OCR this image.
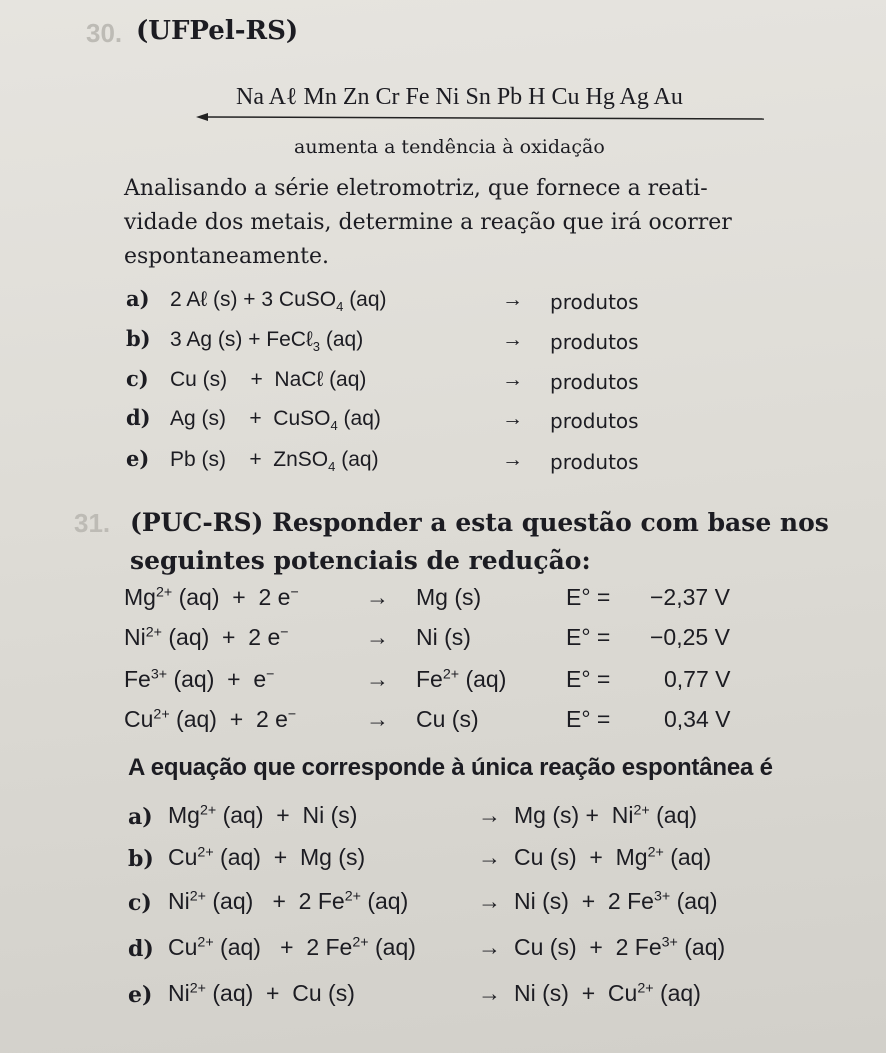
30. (UFPel-RS)
Na Aℓ Mn Zn Cr Fe Ni Sn Pb H Cu Hg Ag Au
aumenta a tendência à oxidação
Analisando a série eletromotriz, que fornece a reati-
vidade dos metais, determine a reação que irá ocorrer
espontaneamente.
a) 2 Aℓ (s) + 3 CuSO$_4$ (aq)	→ produtos
b) 3 Ag (s) + FeCℓ$_3$ (aq)	→ produtos
c) Cu (s)    +  NaCℓ (aq)	→ produtos
d) Ag (s)    +  CuSO$_4$ (aq)	→ produtos
e) Pb (s)    +  ZnSO$_4$ (aq)	→ produtos
31. (PUC-RS) Responder a esta questão com base nos
seguintes potenciais de redução:
$Mg^{2+}$ (aq)  +  2 e−	→ Mg (s)	E° = −2,37 V
$Ni^{2+}$ (aq)  +  2 e−	→ Ni (s)	E° = −0,25 V
$Fe^{3+}$ (aq)  +  e−	→ $Fe^{2+}$ (aq)	E° = 0,77 V
$Cu^{2+}$ (aq)  +  2 e−	→ Cu (s)	E° = 0,34 V
A equação que corresponde à única reação espontânea é
a) $Mg^{2+}$ (aq)  +  Ni (s)	→ Mg $(s) + Ni^{2+}$ (aq)
b) $Cu^{2+}$ (aq)  +  Mg (s)	→ Cu $(s) + Mg^{2+}$ (aq)
c) $Ni^{2+}$ (aq)   +  2 $Fe^{2+}$ (aq)	→ Ni (s)  +  2 $Fe^{3+}$ (aq)
d) $Cu^{2+}$ (aq)   +  2 $Fe^{2+}$ (aq)	→ Cu (s)  +  2 $Fe^{3+}$ (aq)
e) $Ni^{2+}$ (aq)  +  Cu (s)	→ Ni $(s) + Cu^{2+}$ (aq)
